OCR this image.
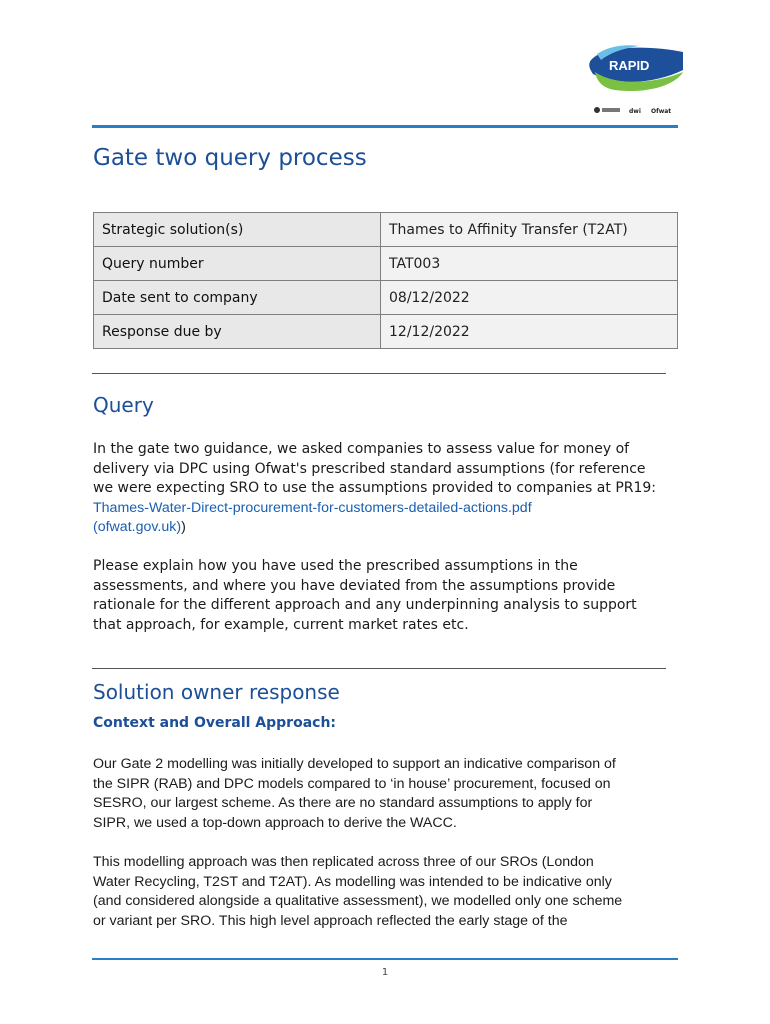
RAPID
dwi Ofwat
Gate two query process
Strategic solution(s)	Thames to Affinity Transfer (T2AT)
Query number	TAT003
Date sent to company	08/12/2022
Response due by	12/12/2022
Query

In the gate two guidance, we asked companies to assess value for money of
delivery via DPC using Ofwat's prescribed standard assumptions (for reference
we were expecting SRO to use the assumptions provided to companies at PR19:
Thames-Water-Direct-procurement-for-customers-detailed-actions.pdf
(ofwat.gov.uk))

Please explain how you have used the prescribed assumptions in the
assessments, and where you have deviated from the assumptions provide
rationale for the different approach and any underpinning analysis to support
that approach, for example, current market rates etc.

Solution owner response

Context and Overall Approach:

Our Gate 2 modelling was initially developed to support an indicative comparison of
the SIPR (RAB) and DPC models compared to ‘in house’ procurement, focused on
SESRO, our largest scheme. As there are no standard assumptions to apply for
SIPR, we used a top-down approach to derive the WACC.

This modelling approach was then replicated across three of our SROs (London
Water Recycling, T2ST and T2AT). As modelling was intended to be indicative only
(and considered alongside a qualitative assessment), we modelled only one scheme
or variant per SRO. This high level approach reflected the early stage of the

1
